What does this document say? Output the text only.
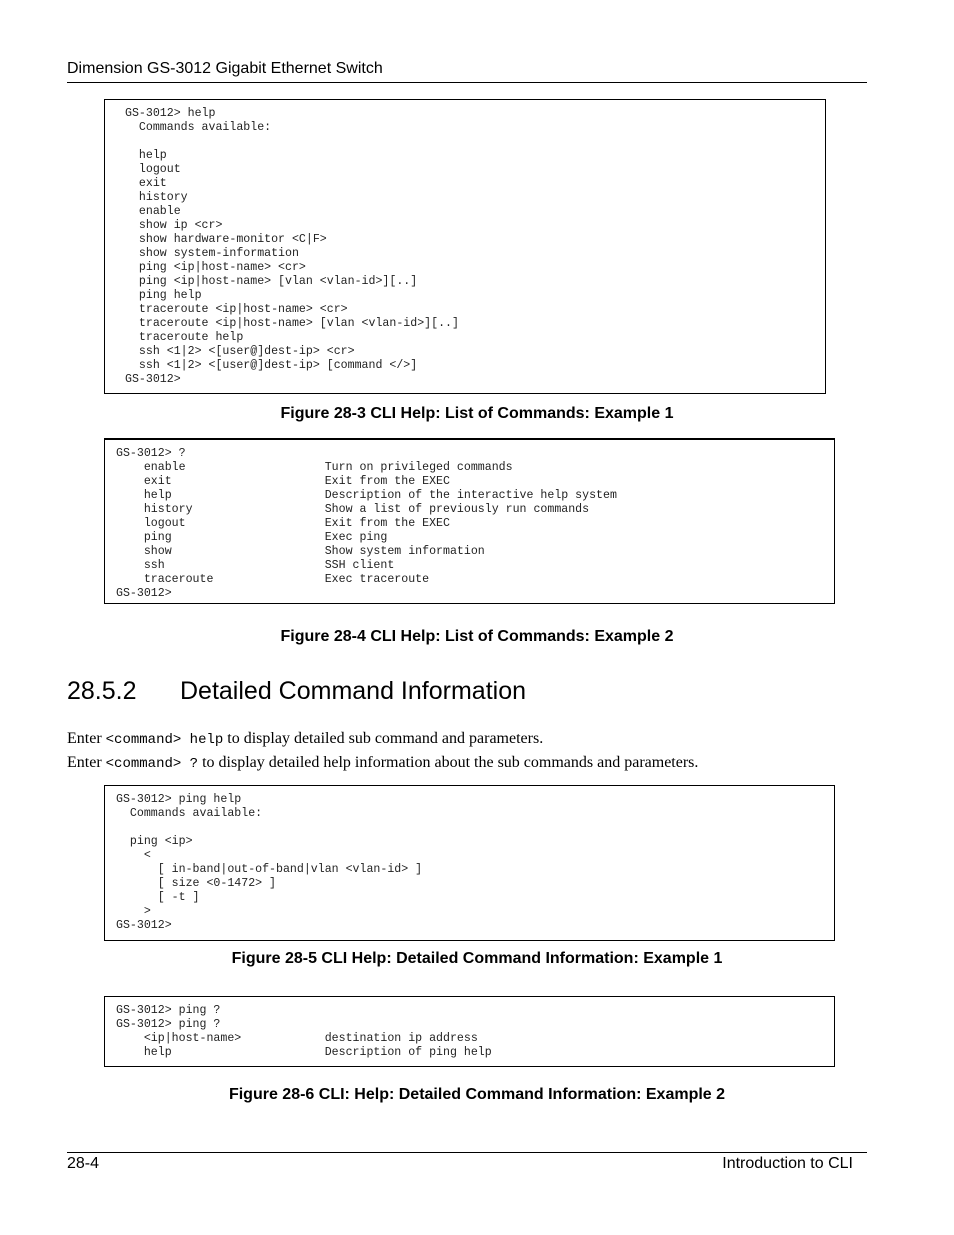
Dimension GS-3012 Gigabit Ethernet Switch
GS-3012> help
Commands available:

help
logout
exit
history
enable
show ip <cr>
show hardware-monitor <C|F>
show system-information
ping <ip|host-name> <cr>
ping <ip|host-name> [vlan <vlan-id>][..]
ping help
traceroute <ip|host-name> <cr>
traceroute <ip|host-name> [vlan <vlan-id>][..]
traceroute help
ssh <1|2> <[user@]dest-ip> <cr>
ssh <1|2> <[user@]dest-ip> [command </>]
GS-3012>
Figure 28-3 CLI Help: List of Commands: Example 1
GS-3012> ?
enable                    Turn on privileged commands
exit                      Exit from the EXEC
help                      Description of the interactive help system
history                   Show a list of previously run commands
logout                    Exit from the EXEC
ping                      Exec ping
show                      Show system information
ssh                       SSH client
traceroute                Exec traceroute
GS-3012>
Figure 28-4 CLI Help: List of Commands: Example 2
28.5.2 Detailed Command Information
Enter <command> help to display detailed sub command and parameters.
Enter <command> ? to display detailed help information about the sub commands and parameters.
GS-3012> ping help
Commands available:

ping <ip>
<
[ in-band|out-of-band|vlan <vlan-id> ]
[ size <0-1472> ]
[ -t ]
>
GS-3012>
Figure 28-5 CLI Help: Detailed Command Information: Example 1
GS-3012> ping ?
GS-3012> ping ?
<ip|host-name>            destination ip address
help                      Description of ping help
Figure 28-6 CLI: Help: Detailed Command Information: Example 2
28-4	Introduction to CLI
